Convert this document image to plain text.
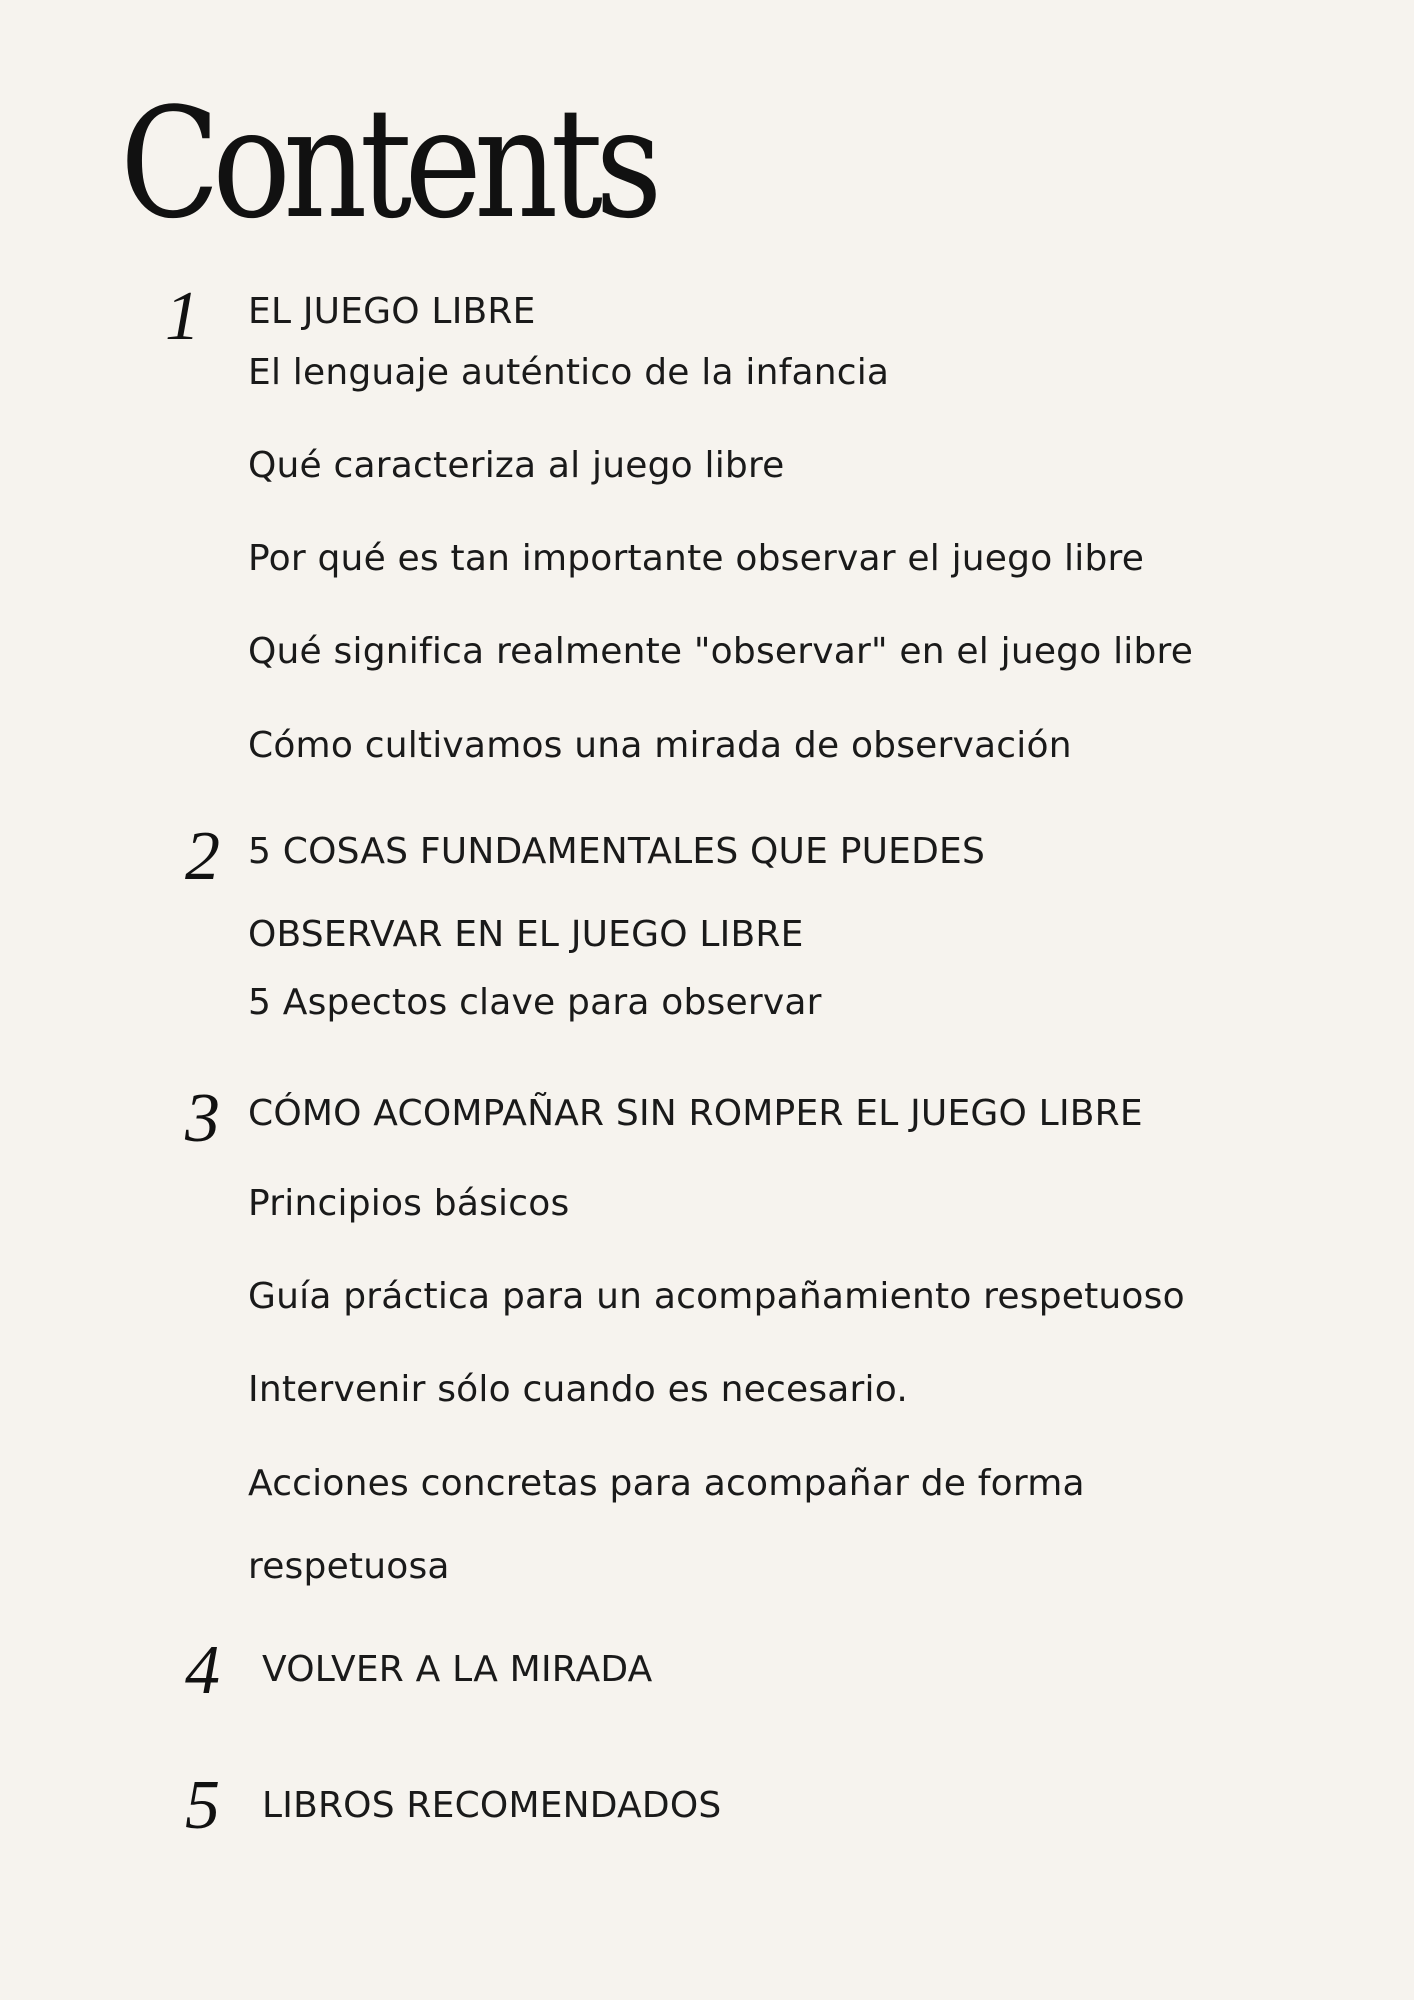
Contents
1 EL JUEGO LIBRE
El lenguaje auténtico de la infancia
Qué caracteriza al juego libre
Por qué es tan importante observar el juego libre
Qué significa realmente "observar" en el juego libre
Cómo cultivamos una mirada de observación
2 5 COSAS FUNDAMENTALES QUE PUEDES
OBSERVAR EN EL JUEGO LIBRE
5 Aspectos clave para observar
3 CÓMO ACOMPAÑAR SIN ROMPER EL JUEGO LIBRE
Principios básicos
Guía práctica para un acompañamiento respetuoso
Intervenir sólo cuando es necesario.
Acciones concretas para acompañar de forma
respetuosa
4 VOLVER A LA MIRADA
5 LIBROS RECOMENDADOS
